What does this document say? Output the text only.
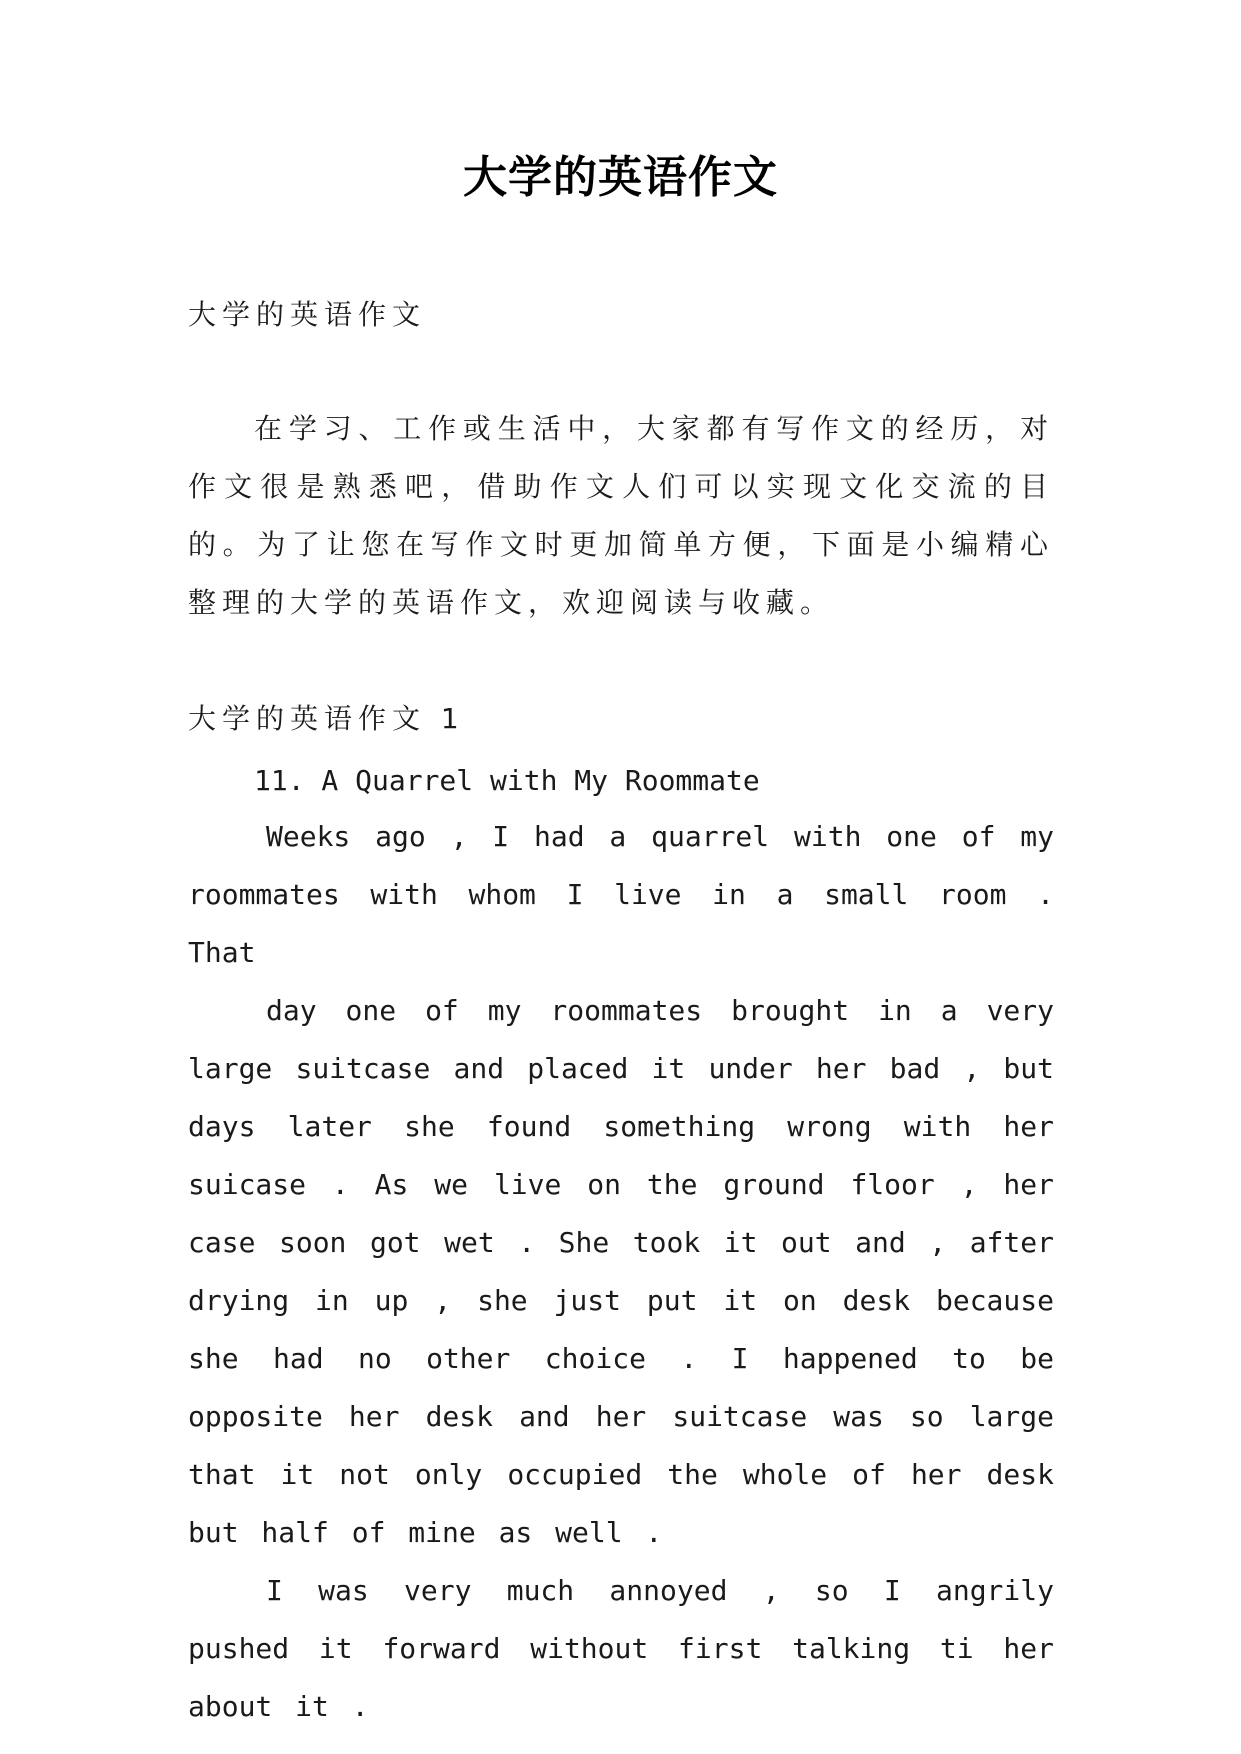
大学的英语作文
大学的英语作文
在学习、工作或生活中，大家都有写作文的经历，对作文很是熟悉吧，借助作文人们可以实现文化交流的目的。为了让您在写作文时更加简单方便，下面是小编精心整理的大学的英语作文，欢迎阅读与收藏。
大学的英语作文 1
11. A Quarrel with My Roommate

Weeks ago , I had a quarrel with one of my roommates with whom I live in a small room . That

day one of my roommates brought in a very large suitcase and placed it under her bad , but days later she found something wrong with her suicase . As we live on the ground floor , her case soon got wet . She took it out and , after drying in up , she just put it on desk because she had no other choice . I happened to be opposite her desk and her suitcase was so large that it not only occupied the whole of her desk but half of mine as well .

I was very much annoyed , so I angrily pushed it forward without first talking ti her about it .
